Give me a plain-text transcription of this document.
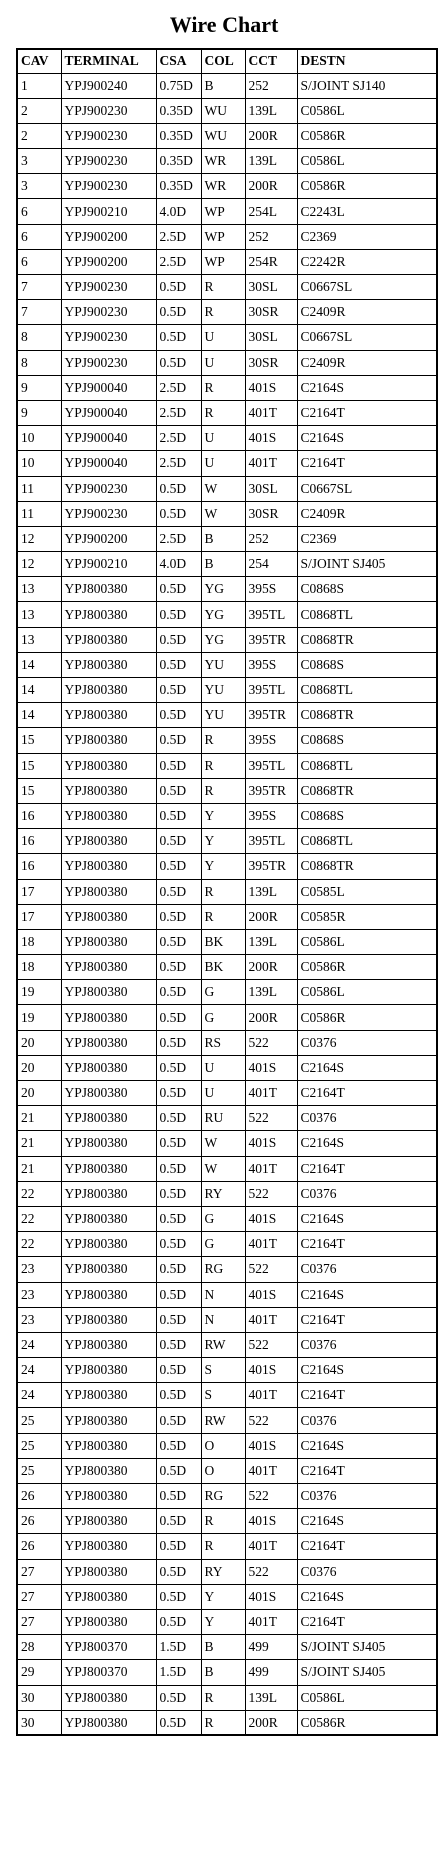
Wire Chart
CAV	TERMINAL	CSA	COL	CCT	DESTN
1	YPJ900240	0.75D	B	252	S/JOINT SJ140
2	YPJ900230	0.35D	WU	139L	C0586L
2	YPJ900230	0.35D	WU	200R	C0586R
3	YPJ900230	0.35D	WR	139L	C0586L
3	YPJ900230	0.35D	WR	200R	C0586R
6	YPJ900210	4.0D	WP	254L	C2243L
6	YPJ900200	2.5D	WP	252	C2369
6	YPJ900200	2.5D	WP	254R	C2242R
7	YPJ900230	0.5D	R	30SL	C0667SL
7	YPJ900230	0.5D	R	30SR	C2409R
8	YPJ900230	0.5D	U	30SL	C0667SL
8	YPJ900230	0.5D	U	30SR	C2409R
9	YPJ900040	2.5D	R	401S	C2164S
9	YPJ900040	2.5D	R	401T	C2164T
10	YPJ900040	2.5D	U	401S	C2164S
10	YPJ900040	2.5D	U	401T	C2164T
11	YPJ900230	0.5D	W	30SL	C0667SL
11	YPJ900230	0.5D	W	30SR	C2409R
12	YPJ900200	2.5D	B	252	C2369
12	YPJ900210	4.0D	B	254	S/JOINT SJ405
13	YPJ800380	0.5D	YG	395S	C0868S
13	YPJ800380	0.5D	YG	395TL	C0868TL
13	YPJ800380	0.5D	YG	395TR	C0868TR
14	YPJ800380	0.5D	YU	395S	C0868S
14	YPJ800380	0.5D	YU	395TL	C0868TL
14	YPJ800380	0.5D	YU	395TR	C0868TR
15	YPJ800380	0.5D	R	395S	C0868S
15	YPJ800380	0.5D	R	395TL	C0868TL
15	YPJ800380	0.5D	R	395TR	C0868TR
16	YPJ800380	0.5D	Y	395S	C0868S
16	YPJ800380	0.5D	Y	395TL	C0868TL
16	YPJ800380	0.5D	Y	395TR	C0868TR
17	YPJ800380	0.5D	R	139L	C0585L
17	YPJ800380	0.5D	R	200R	C0585R
18	YPJ800380	0.5D	BK	139L	C0586L
18	YPJ800380	0.5D	BK	200R	C0586R
19	YPJ800380	0.5D	G	139L	C0586L
19	YPJ800380	0.5D	G	200R	C0586R
20	YPJ800380	0.5D	RS	522	C0376
20	YPJ800380	0.5D	U	401S	C2164S
20	YPJ800380	0.5D	U	401T	C2164T
21	YPJ800380	0.5D	RU	522	C0376
21	YPJ800380	0.5D	W	401S	C2164S
21	YPJ800380	0.5D	W	401T	C2164T
22	YPJ800380	0.5D	RY	522	C0376
22	YPJ800380	0.5D	G	401S	C2164S
22	YPJ800380	0.5D	G	401T	C2164T
23	YPJ800380	0.5D	RG	522	C0376
23	YPJ800380	0.5D	N	401S	C2164S
23	YPJ800380	0.5D	N	401T	C2164T
24	YPJ800380	0.5D	RW	522	C0376
24	YPJ800380	0.5D	S	401S	C2164S
24	YPJ800380	0.5D	S	401T	C2164T
25	YPJ800380	0.5D	RW	522	C0376
25	YPJ800380	0.5D	O	401S	C2164S
25	YPJ800380	0.5D	O	401T	C2164T
26	YPJ800380	0.5D	RG	522	C0376
26	YPJ800380	0.5D	R	401S	C2164S
26	YPJ800380	0.5D	R	401T	C2164T
27	YPJ800380	0.5D	RY	522	C0376
27	YPJ800380	0.5D	Y	401S	C2164S
27	YPJ800380	0.5D	Y	401T	C2164T
28	YPJ800370	1.5D	B	499	S/JOINT SJ405
29	YPJ800370	1.5D	B	499	S/JOINT SJ405
30	YPJ800380	0.5D	R	139L	C0586L
30	YPJ800380	0.5D	R	200R	C0586R
